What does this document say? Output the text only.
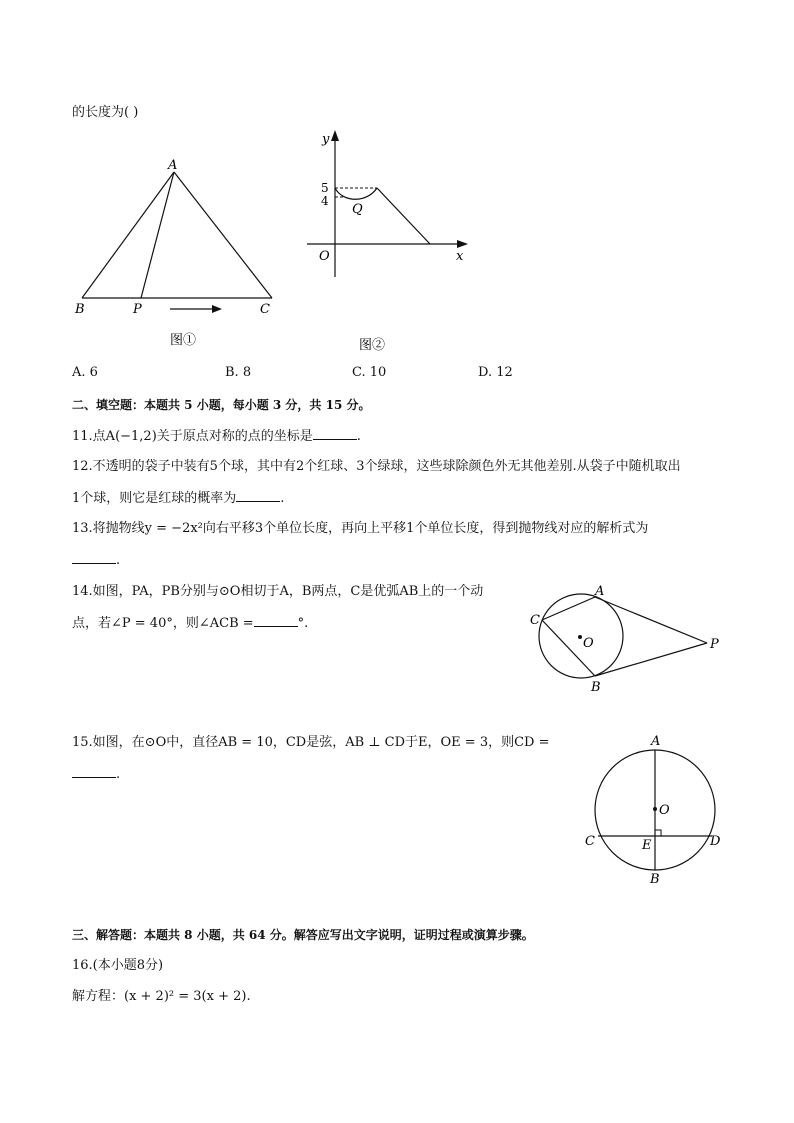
的长度为( )
A
B	P	C
图①
y
x
O
5
4
Q
图②
A. 6	B. 8	C. 10	D. 12
二、填空题：本题共 5 小题，每小题 3 分，共 15 分。
11.点A(−1,2)关于原点对称的点的坐标是	.
12.不透明的袋子中装有5个球，其中有2个红球、3个绿球，这些球除颜色外无其他差别.从袋子中随机取出
1个球，则它是红球的概率为	.
13.将抛物线y = −2x²向右平移3个单位长度，再向上平移1个单位长度，得到抛物线对应的解析式为
.
14.如图，PA，PB分别与⊙O相切于A，B两点，C是优弧AB上的一个动
点，若∠P = 40°，则∠ACB =	°.
A
B
C
O	P
15.如图，在⊙O中，直径AB = 10，CD是弦，AB ⊥ CD于E，OE = 3，则CD =
.
A
B
C	D
E
O
三、解答题：本题共 8 小题，共 64 分。解答应写出文字说明，证明过程或演算步骤。
16.(本小题8分)
解方程：(x + 2)² = 3(x + 2).
